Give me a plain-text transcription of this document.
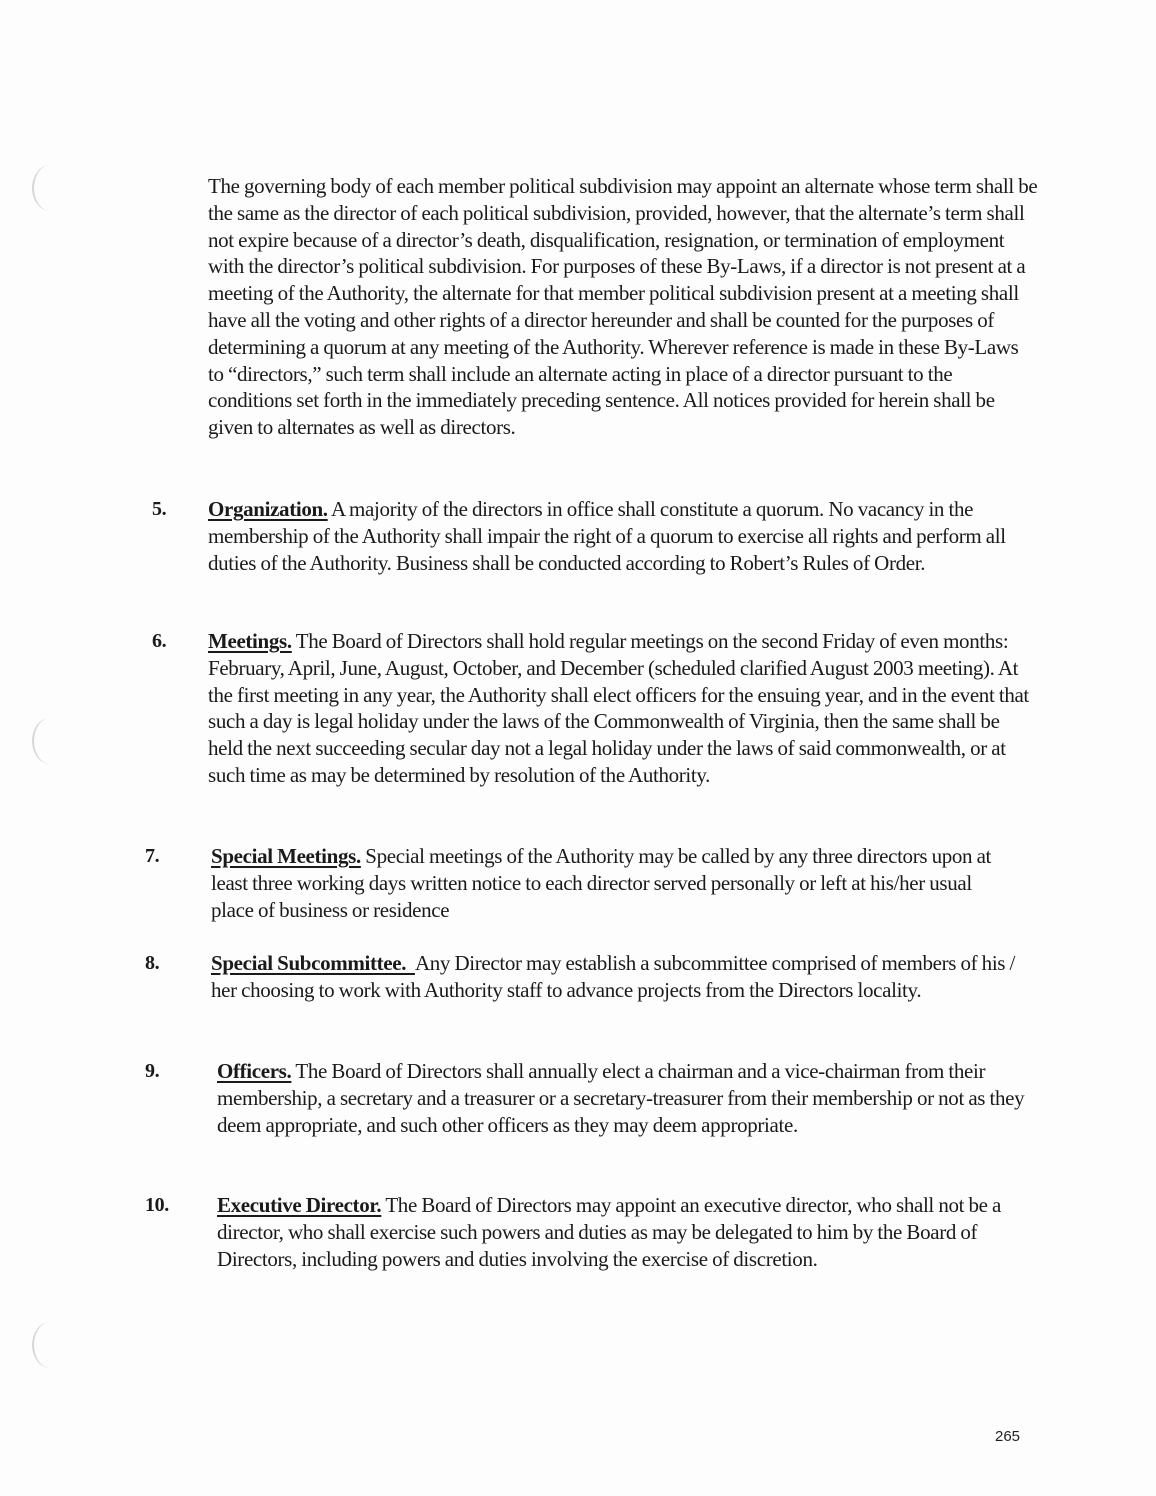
The governing body of each member political subdivision may appoint an alternate whose term shall be the same as the director of each political subdivision, provided, however, that the alternate’s term shall not expire because of a director’s death, disqualification, resignation, or termination of employment with the director’s political subdivision. For purposes of these By-Laws, if a director is not present at a meeting of the Authority, the alternate for that member political subdivision present at a meeting shall have all the voting and other rights of a director hereunder and shall be counted for the purposes of determining a quorum at any meeting of the Authority. Wherever reference is made in these By-Laws to “directors,” such term shall include an alternate acting in place of a director pursuant to the conditions set forth in the immediately preceding sentence. All notices provided for herein shall be given to alternates as well as directors.

5. Organization. A majority of the directors in office shall constitute a quorum. No vacancy in the membership of the Authority shall impair the right of a quorum to exercise all rights and perform all duties of the Authority. Business shall be conducted according to Robert’s Rules of Order.

6. Meetings. The Board of Directors shall hold regular meetings on the second Friday of even months: February, April, June, August, October, and December (scheduled clarified August 2003 meeting). At the first meeting in any year, the Authority shall elect officers for the ensuing year, and in the event that such a day is legal holiday under the laws of the Commonwealth of Virginia, then the same shall be held the next succeeding secular day not a legal holiday under the laws of said commonwealth, or at such time as may be determined by resolution of the Authority.

7. Special Meetings. Special meetings of the Authority may be called by any three directors upon at least three working days written notice to each director served personally or left at his/her usual place of business or residence

8. Special Subcommittee.  Any Director may establish a subcommittee comprised of members of his / her choosing to work with Authority staff to advance projects from the Directors locality.

9.	Officers. The Board of Directors shall annually elect a chairman and a vice-chairman from their membership, a secretary and a treasurer or a secretary-treasurer from their membership or not as they deem appropriate, and such other officers as they may deem appropriate.

10. Executive Director. The Board of Directors may appoint an executive director, who shall not be a director, who shall exercise such powers and duties as may be delegated to him by the Board of Directors, including powers and duties involving the exercise of discretion.

265
